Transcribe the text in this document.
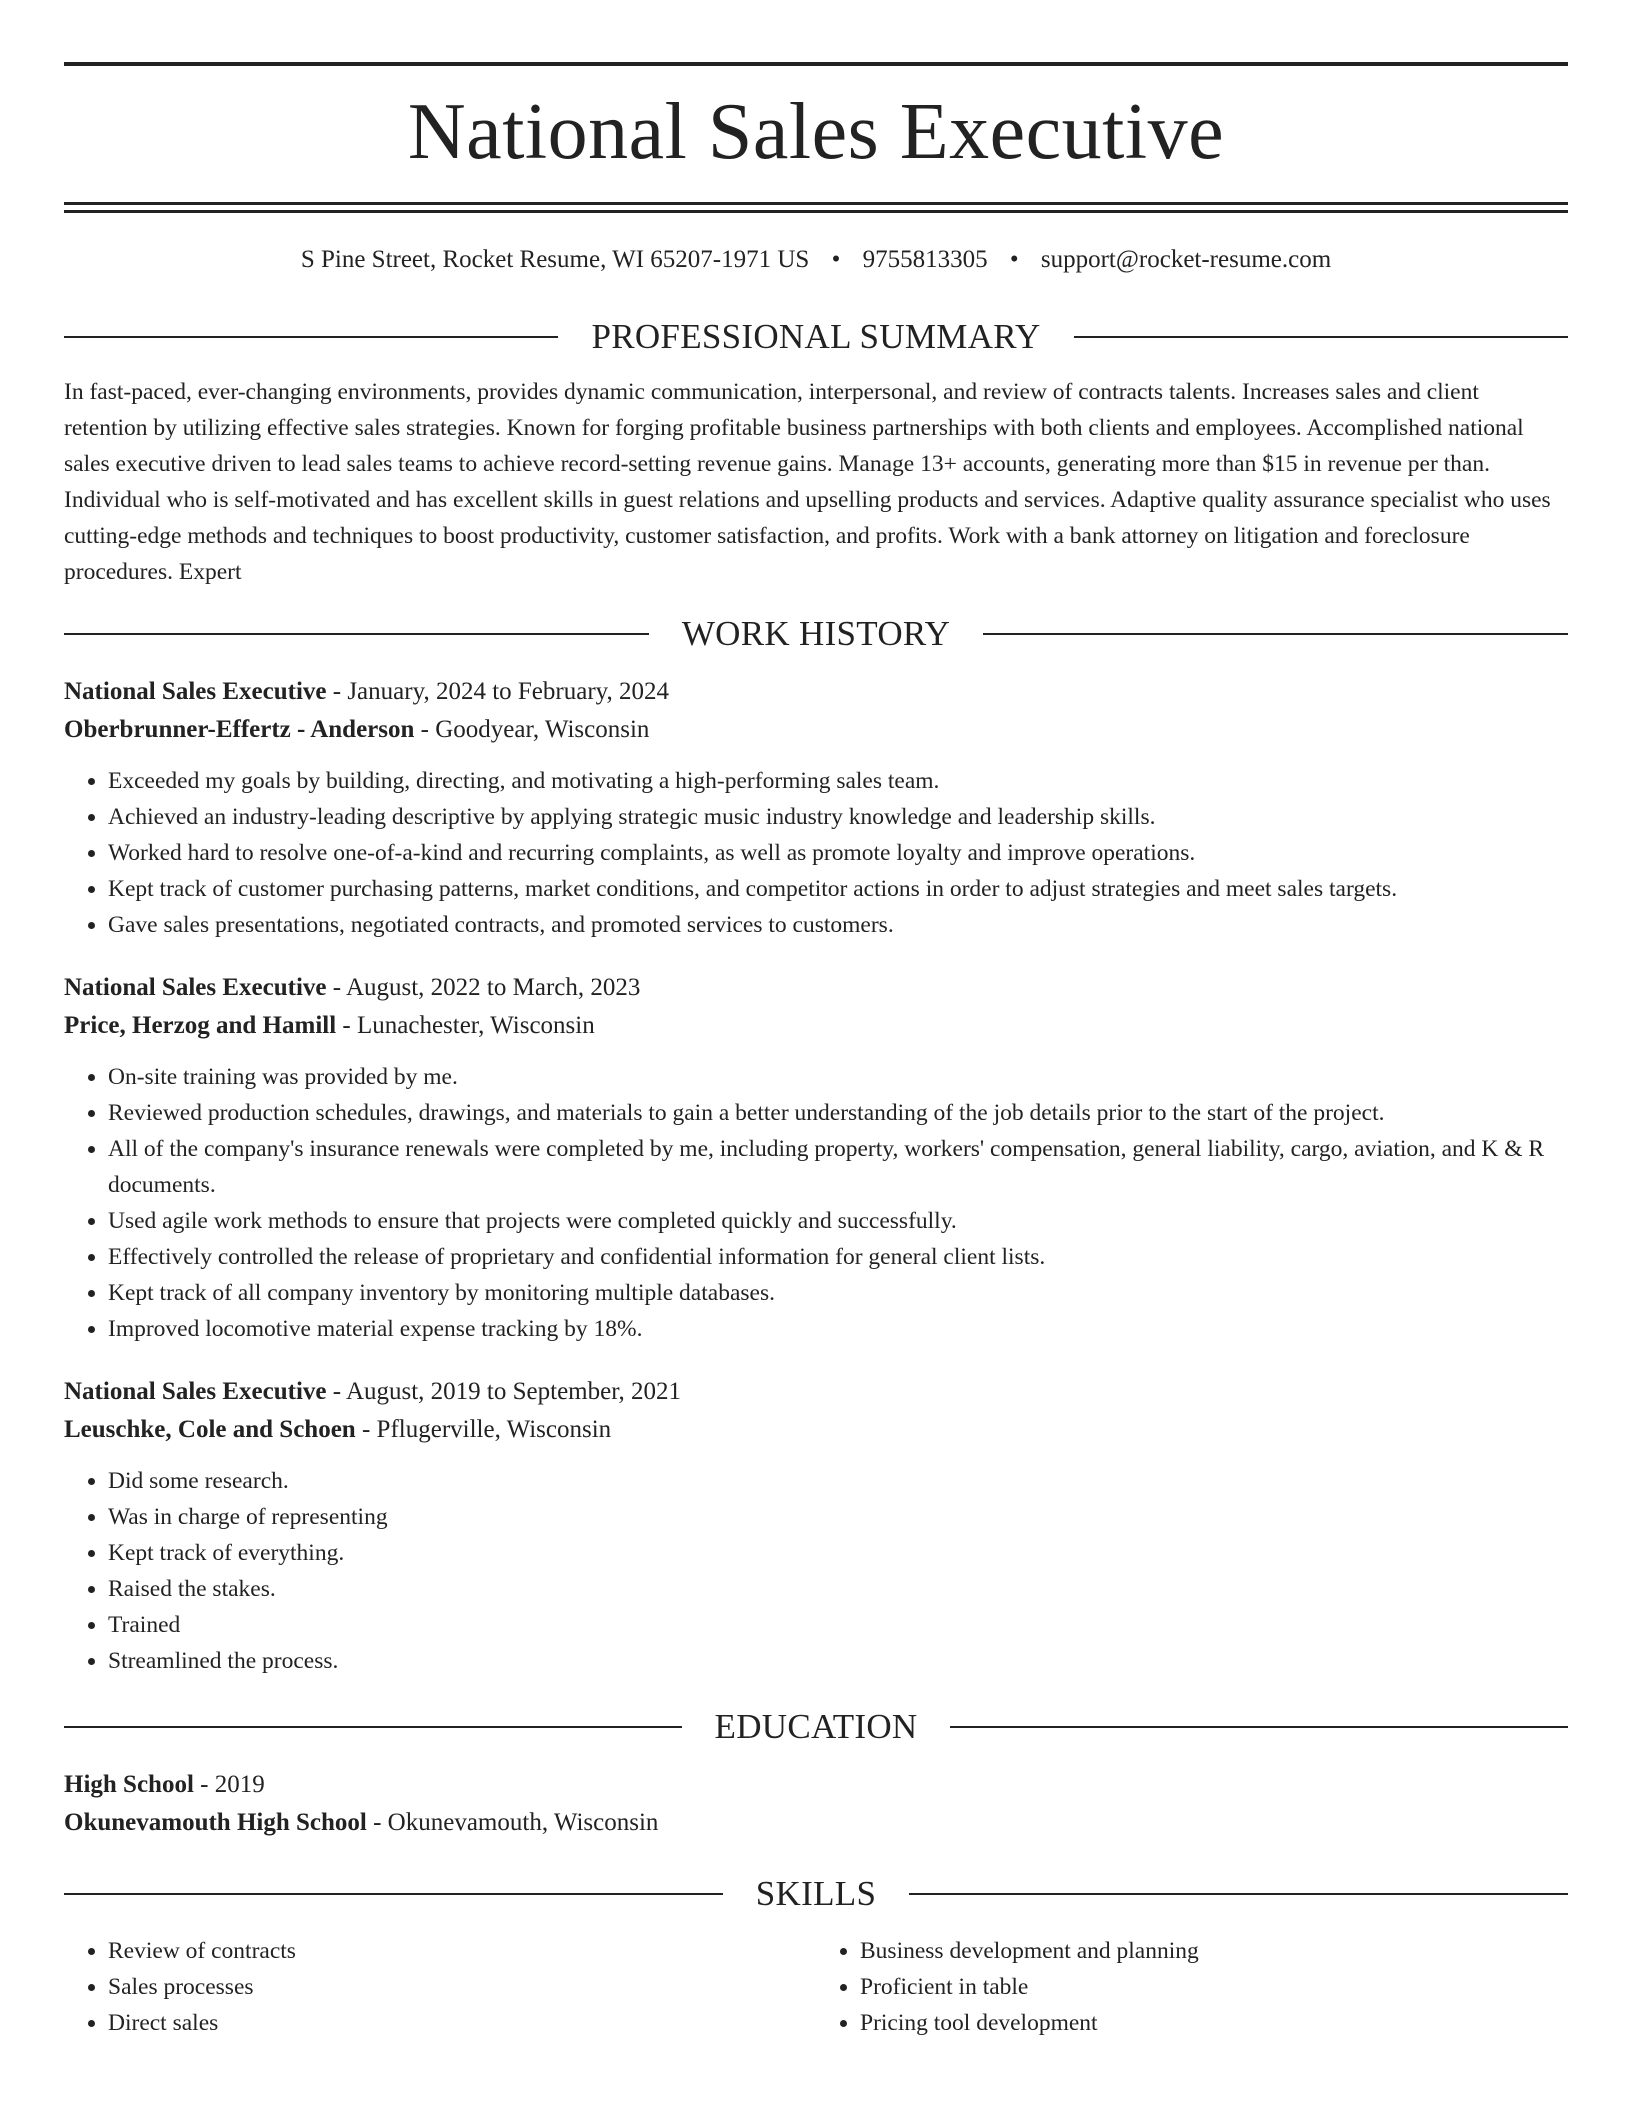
National Sales Executive
S Pine Street, Rocket Resume, WI 65207-1971 US • 9755813305 • support@rocket-resume.com
PROFESSIONAL SUMMARY
In fast-paced, ever-changing environments, provides dynamic communication, interpersonal, and review of contracts talents. Increases sales and client retention by utilizing effective sales strategies. Known for forging profitable business partnerships with both clients and employees. Accomplished national sales executive driven to lead sales teams to achieve record-setting revenue gains. Manage 13+ accounts, generating more than $15 in revenue per than. Individual who is self-motivated and has excellent skills in guest relations and upselling products and services. Adaptive quality assurance specialist who uses cutting-edge methods and techniques to boost productivity, customer satisfaction, and profits. Work with a bank attorney on litigation and foreclosure procedures. Expert
WORK HISTORY
National Sales Executive - January, 2024 to February, 2024
Oberbrunner-Effertz - Anderson - Goodyear, Wisconsin
• Exceeded my goals by building, directing, and motivating a high-performing sales team.
• Achieved an industry-leading descriptive by applying strategic music industry knowledge and leadership skills.
• Worked hard to resolve one-of-a-kind and recurring complaints, as well as promote loyalty and improve operations.
• Kept track of customer purchasing patterns, market conditions, and competitor actions in order to adjust strategies and meet sales targets.
• Gave sales presentations, negotiated contracts, and promoted services to customers.
National Sales Executive - August, 2022 to March, 2023
Price, Herzog and Hamill - Lunachester, Wisconsin
• On-site training was provided by me.
• Reviewed production schedules, drawings, and materials to gain a better understanding of the job details prior to the start of the project.
• All of the company's insurance renewals were completed by me, including property, workers' compensation, general liability, cargo, aviation, and K & R documents.
• Used agile work methods to ensure that projects were completed quickly and successfully.
• Effectively controlled the release of proprietary and confidential information for general client lists.
• Kept track of all company inventory by monitoring multiple databases.
• Improved locomotive material expense tracking by 18%.
National Sales Executive - August, 2019 to September, 2021
Leuschke, Cole and Schoen - Pflugerville, Wisconsin
• Did some research.
• Was in charge of representing
• Kept track of everything.
• Raised the stakes.
• Trained
• Streamlined the process.
EDUCATION
High School - 2019
Okunevamouth High School - Okunevamouth, Wisconsin
SKILLS
• Review of contracts
• Sales processes
• Direct sales
• Business development and planning
• Proficient in table
• Pricing tool development
